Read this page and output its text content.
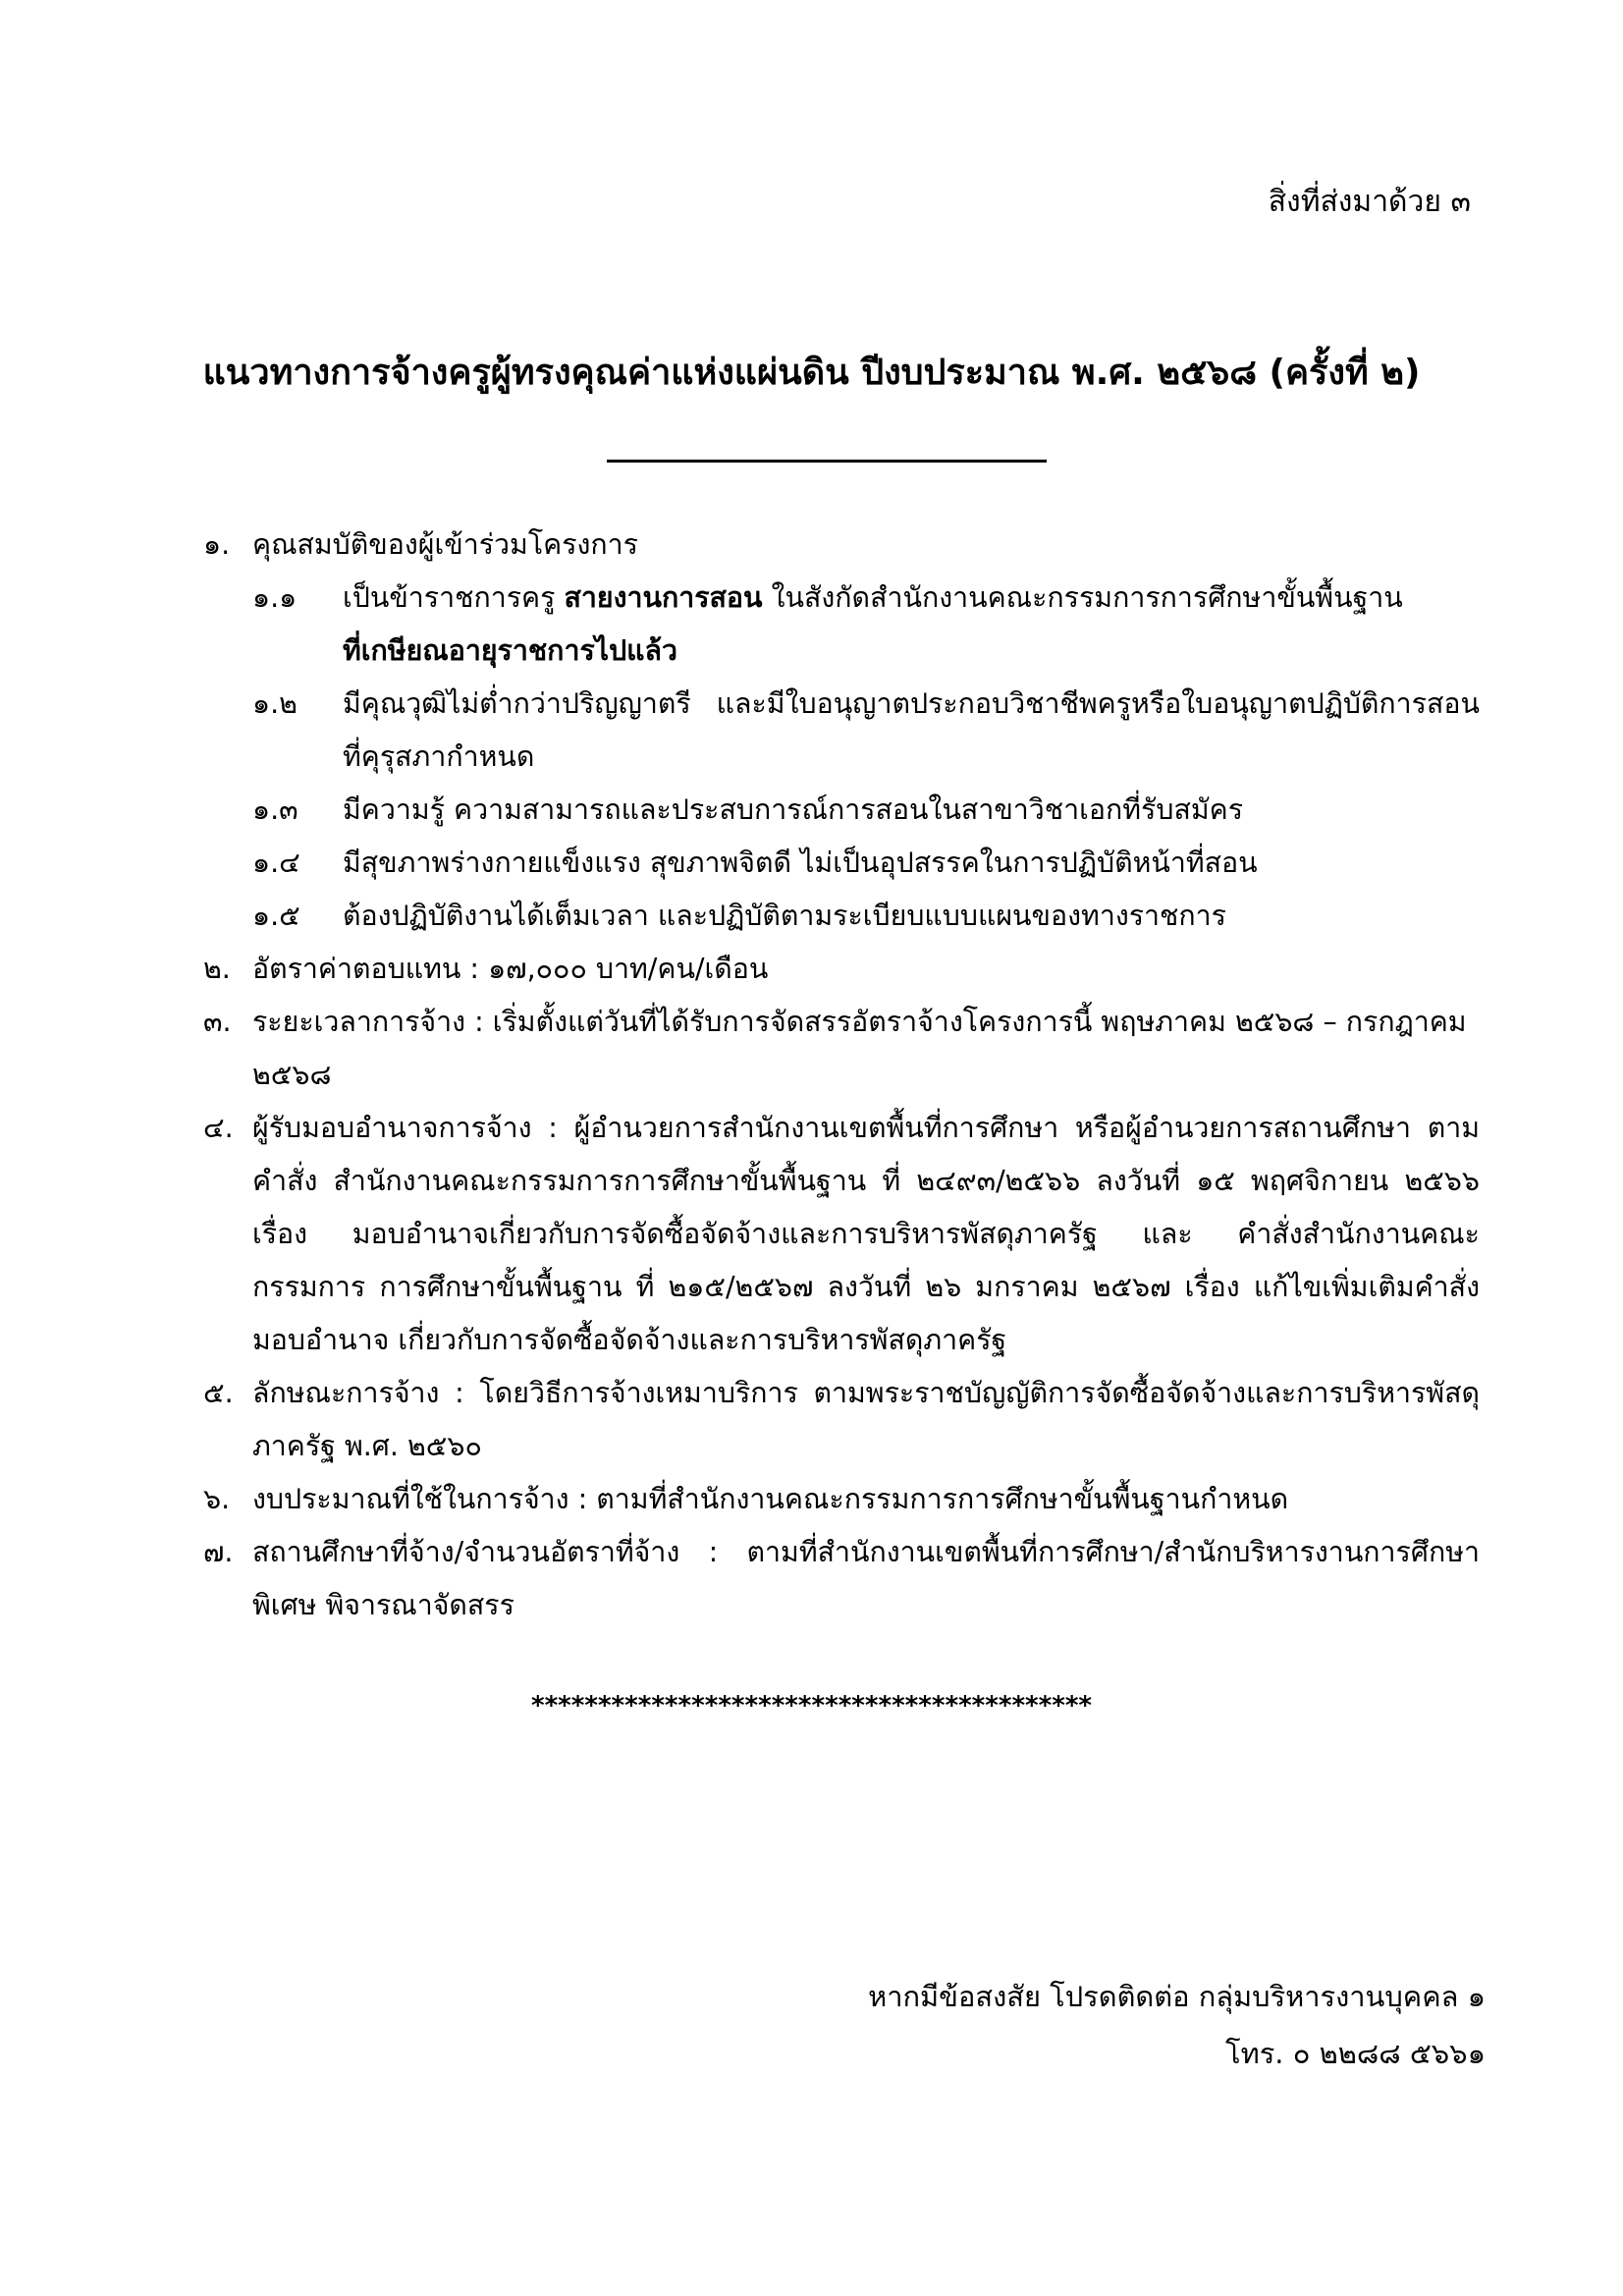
สิ่งที่ส่งมาด้วย ๓
แนวทางการจ้างครูผู้ทรงคุณค่าแห่งแผ่นดิน ปีงบประมาณ พ.ศ. ๒๕๖๘ (ครั้งที่ ๒)
๑. คุณสมบัติของผู้เข้าร่วมโครงการ
๑.๑ เป็นข้าราชการครู สายงานการสอน ในสังกัดสำนักงานคณะกรรมการการศึกษาขั้นพื้นฐาน
ที่เกษียณอายุราชการไปแล้ว
๑.๒ มีคุณวุฒิไม่ต่ำกว่าปริญญาตรี และมีใบอนุญาตประกอบวิชาชีพครูหรือใบอนุญาตปฏิบัติการสอน ที่คุรุสภากำหนด
๑.๓ มีความรู้ ความสามารถและประสบการณ์การสอนในสาขาวิชาเอกที่รับสมัคร
๑.๔ มีสุขภาพร่างกายแข็งแรง สุขภาพจิตดี ไม่เป็นอุปสรรคในการปฏิบัติหน้าที่สอน
๑.๕ ต้องปฏิบัติงานได้เต็มเวลา และปฏิบัติตามระเบียบแบบแผนของทางราชการ
๒. อัตราค่าตอบแทน : ๑๗,๐๐๐ บาท/คน/เดือน
๓. ระยะเวลาการจ้าง : เริ่มตั้งแต่วันที่ได้รับการจัดสรรอัตราจ้างโครงการนี้ พฤษภาคม ๒๕๖๘ – กรกฎาคม ๒๕๖๘
๔. ผู้รับมอบอำนาจการจ้าง : ผู้อำนวยการสำนักงานเขตพื้นที่การศึกษา หรือผู้อำนวยการสถานศึกษา ตามคำสั่ง สำนักงานคณะกรรมการการศึกษาขั้นพื้นฐาน ที่ ๒๔๙๓/๒๕๖๖ ลงวันที่ ๑๕ พฤศจิกายน ๒๕๖๖ เรื่อง มอบอำนาจเกี่ยวกับการจัดซื้อจัดจ้างและการบริหารพัสดุภาครัฐ และ คำสั่งสำนักงานคณะกรรมการ การศึกษาขั้นพื้นฐาน ที่ ๒๑๕/๒๕๖๗ ลงวันที่ ๒๖ มกราคม ๒๕๖๗ เรื่อง แก้ไขเพิ่มเติมคำสั่งมอบอำนาจ เกี่ยวกับการจัดซื้อจัดจ้างและการบริหารพัสดุภาครัฐ
๕. ลักษณะการจ้าง : โดยวิธีการจ้างเหมาบริการ ตามพระราชบัญญัติการจัดซื้อจัดจ้างและการบริหารพัสดุ ภาครัฐ พ.ศ. ๒๕๖๐
๖. งบประมาณที่ใช้ในการจ้าง : ตามที่สำนักงานคณะกรรมการการศึกษาขั้นพื้นฐานกำหนด
๗. สถานศึกษาที่จ้าง/จำนวนอัตราที่จ้าง : ตามที่สำนักงานเขตพื้นที่การศึกษา/สำนักบริหารงานการศึกษาพิเศษ พิจารณาจัดสรร
******************************************
หากมีข้อสงสัย โปรดติดต่อ กลุ่มบริหารงานบุคคล ๑
โทร. ๐ ๒๒๘๘ ๕๖๖๑
